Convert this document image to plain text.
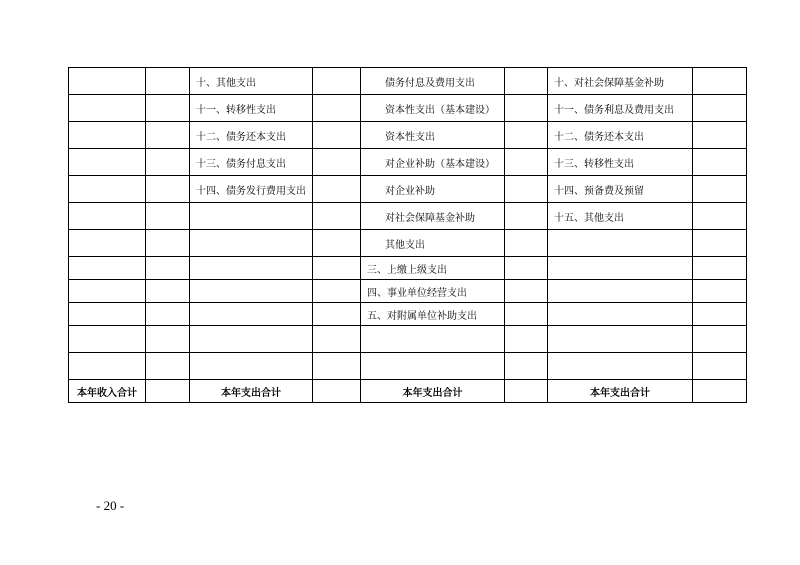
		十、其他支出		债务付息及费用支出		十、对社会保障基金补助	
		十一、转移性支出		资本性支出（基本建设）		十一、债务利息及费用支出	
		十二、债务还本支出		资本性支出		十二、债务还本支出	
		十三、债务付息支出		对企业补助（基本建设）		十三、转移性支出	
		十四、债务发行费用支出		对企业补助		十四、预备费及预留	
				对社会保障基金补助		十五、其他支出	
				其他支出			
				三、上缴上级支出			
				四、事业单位经营支出			
				五、对附属单位补助支出			

本年收入合计		本年支出合计		本年支出合计		本年支出合计	
- 20 -
